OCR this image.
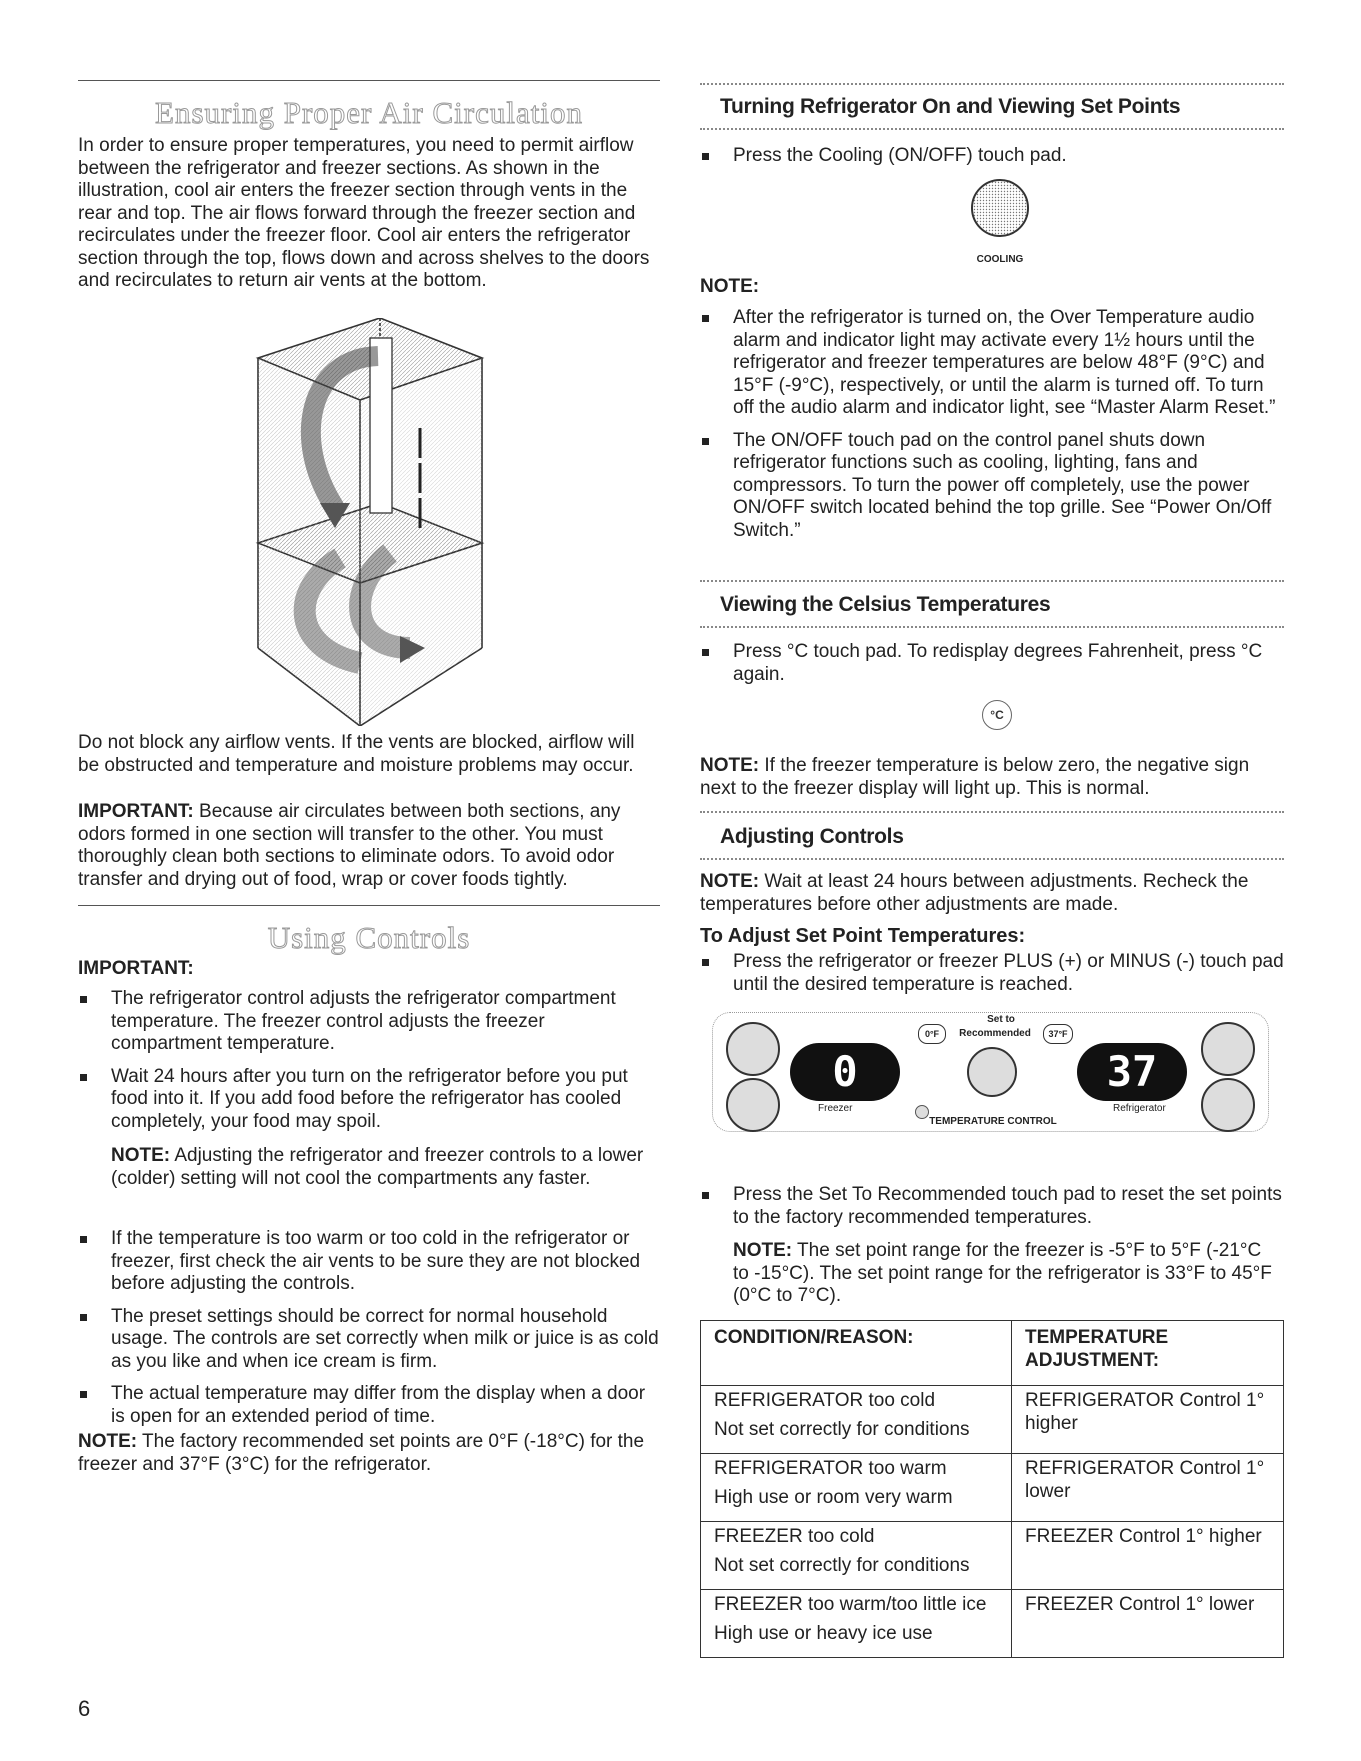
Ensuring Proper Air Circulation

In order to ensure proper temperatures, you need to permit airflow between the refrigerator and freezer sections. As shown in the illustration, cool air enters the freezer section through vents in the rear and top. The air flows forward through the freezer section and recirculates under the freezer floor. Cool air enters the refrigerator section through the top, flows down and across shelves to the doors and recirculates to return air vents at the bottom.

Do not block any airflow vents. If the vents are blocked, airflow will be obstructed and temperature and moisture problems may occur.

IMPORTANT: Because air circulates between both sections, any odors formed in one section will transfer to the other. You must thoroughly clean both sections to eliminate odors. To avoid odor transfer and drying out of food, wrap or cover foods tightly.

Using Controls
IMPORTANT:
The refrigerator control adjusts the refrigerator compartment temperature. The freezer control adjusts the freezer compartment temperature.
Wait 24 hours after you turn on the refrigerator before you put food into it. If you add food before the refrigerator has cooled completely, your food may spoil.

NOTE: Adjusting the refrigerator and freezer controls to a lower (colder) setting will not cool the compartments any faster.

If the temperature is too warm or too cold in the refrigerator or freezer, first check the air vents to be sure they are not blocked before adjusting the controls.
The preset settings should be correct for normal household usage. The controls are set correctly when milk or juice is as cold as you like and when ice cream is firm.
The actual temperature may differ from the display when a door is open for an extended period of time.

NOTE: The factory recommended set points are 0°F (-18°C) for the freezer and 37°F (3°C) for the refrigerator.

Turning Refrigerator On and Viewing Set Points
Press the Cooling (ON/OFF) touch pad.
COOLING
NOTE:
After the refrigerator is turned on, the Over Temperature audio alarm and indicator light may activate every 1½ hours until the refrigerator and freezer temperatures are below 48°F (9°C) and 15°F (-9°C), respectively, or until the alarm is turned off. To turn off the audio alarm and indicator light, see “Master Alarm Reset.”
The ON/OFF touch pad on the control panel shuts down refrigerator functions such as cooling, lighting, fans and compressors. To turn the power off completely, use the power ON/OFF switch located behind the top grille. See “Power On/Off Switch.”
Viewing the Celsius Temperatures
Press °C touch pad. To redisplay degrees Fahrenheit, press °C again.
°C

NOTE: If the freezer temperature is below zero, the negative sign next to the freezer display will light up. This is normal.

Adjusting Controls

NOTE: Wait at least 24 hours between adjustments. Recheck the temperatures before other adjustments are made.

To Adjust Set Point Temperatures:
Press the refrigerator or freezer PLUS (+) or MINUS (-) touch pad until the desired temperature is reached.
0
0°F
Set to
Recommended	37°F
37
Freezer	Refrigerator
TEMPERATURE CONTROL
Press the Set To Recommended touch pad to reset the set points to the factory recommended temperatures.

NOTE: The set point range for the freezer is -5°F to 5°F (-21°C to -15°C). The set point range for the refrigerator is 33°F to 45°F (0°C to 7°C).

CONDITION/REASON:	TEMPERATURE ADJUSTMENT:

REFRIGERATOR too cold
Not set correctly for conditions	REFRIGERATOR Control 1° higher

REFRIGERATOR too warm
High use or room very warm	REFRIGERATOR Control 1° lower

FREEZER too cold
Not set correctly for conditions	FREEZER Control 1° higher

FREEZER too warm/too little ice
High use or heavy ice use	FREEZER Control 1° lower
6
